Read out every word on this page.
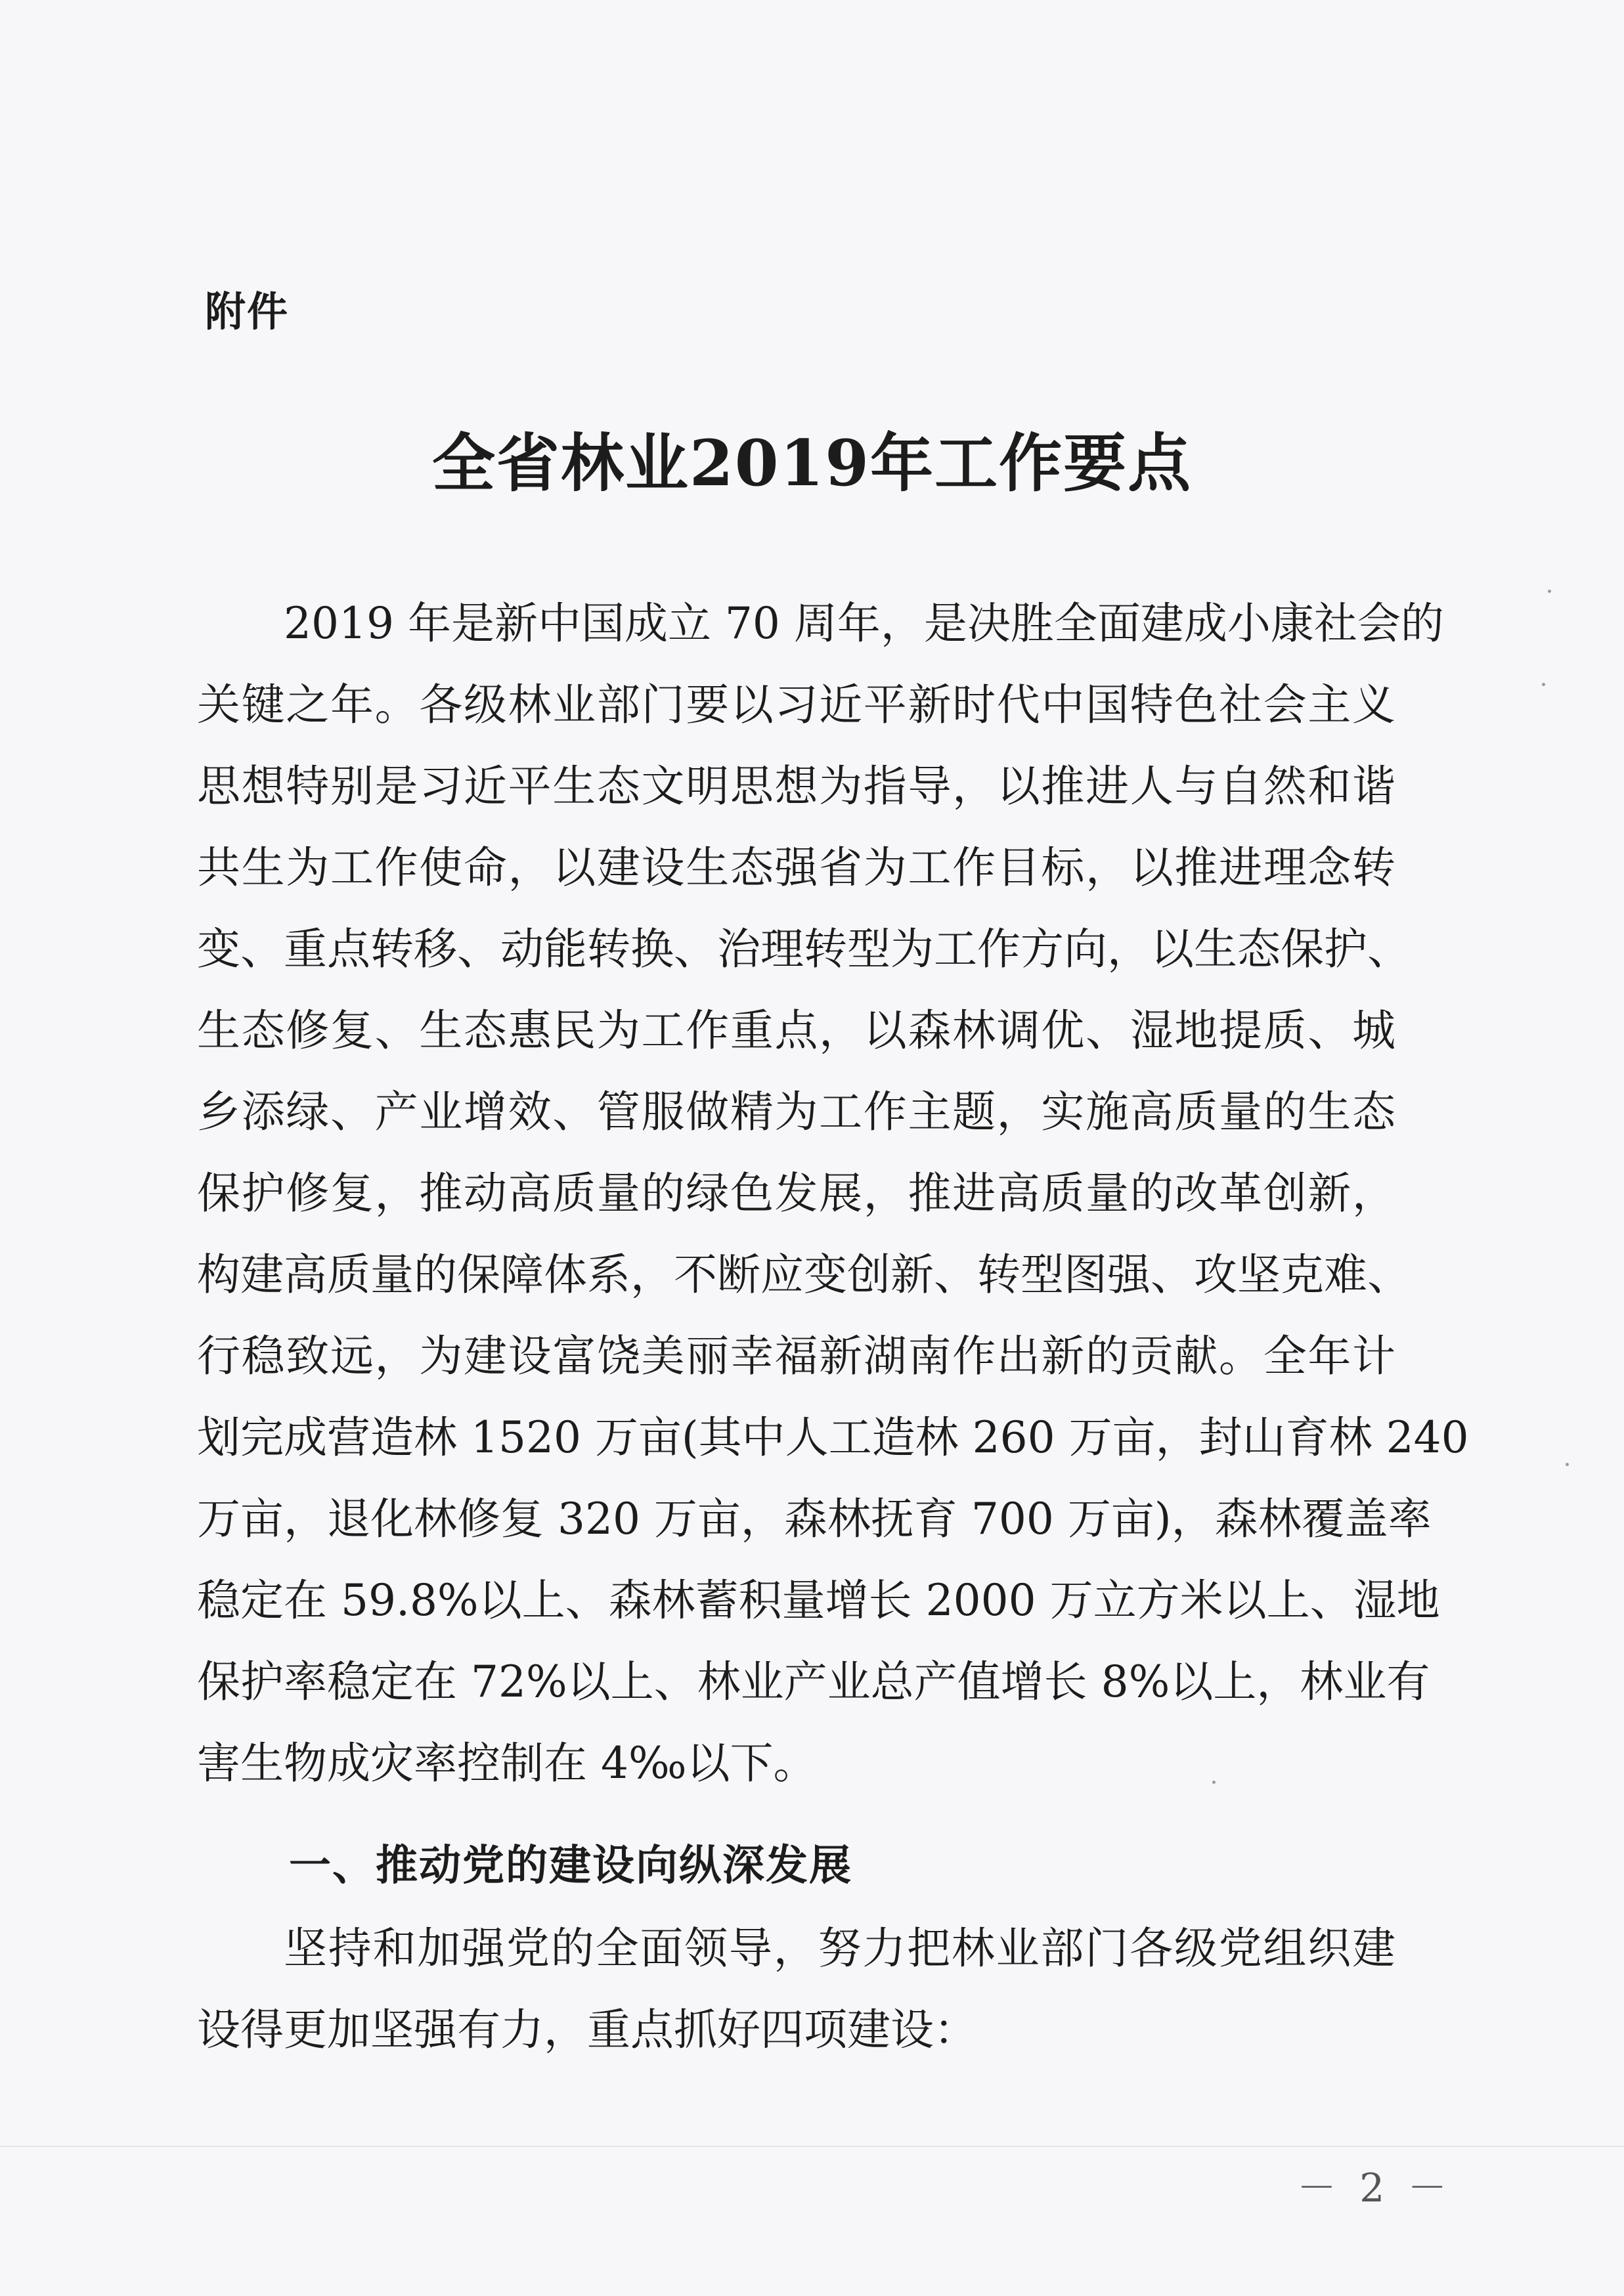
附件
全省林业2019年工作要点
2019 年是新中国成立 70 周年，是决胜全面建成小康社会的
关键之年。各级林业部门要以习近平新时代中国特色社会主义
思想特别是习近平生态文明思想为指导，以推进人与自然和谐
共生为工作使命，以建设生态强省为工作目标，以推进理念转
变、重点转移、动能转换、治理转型为工作方向，以生态保护、
生态修复、生态惠民为工作重点，以森林调优、湿地提质、城
乡添绿、产业增效、管服做精为工作主题，实施高质量的生态
保护修复，推动高质量的绿色发展，推进高质量的改革创新，
构建高质量的保障体系，不断应变创新、转型图强、攻坚克难、
行稳致远，为建设富饶美丽幸福新湖南作出新的贡献。全年计
划完成营造林 1520 万亩(其中人工造林 260 万亩，封山育林 240
万亩，退化林修复 320 万亩，森林抚育 700 万亩)，森林覆盖率
稳定在 59.8%以上、森林蓄积量增长 2000 万立方米以上、湿地
保护率稳定在 72%以上、林业产业总产值增长 8%以上，林业有
害生物成灾率控制在 4‰以下。
一、推动党的建设向纵深发展
坚持和加强党的全面领导，努力把林业部门各级党组织建
设得更加坚强有力，重点抓好四项建设：
－ 2 －
